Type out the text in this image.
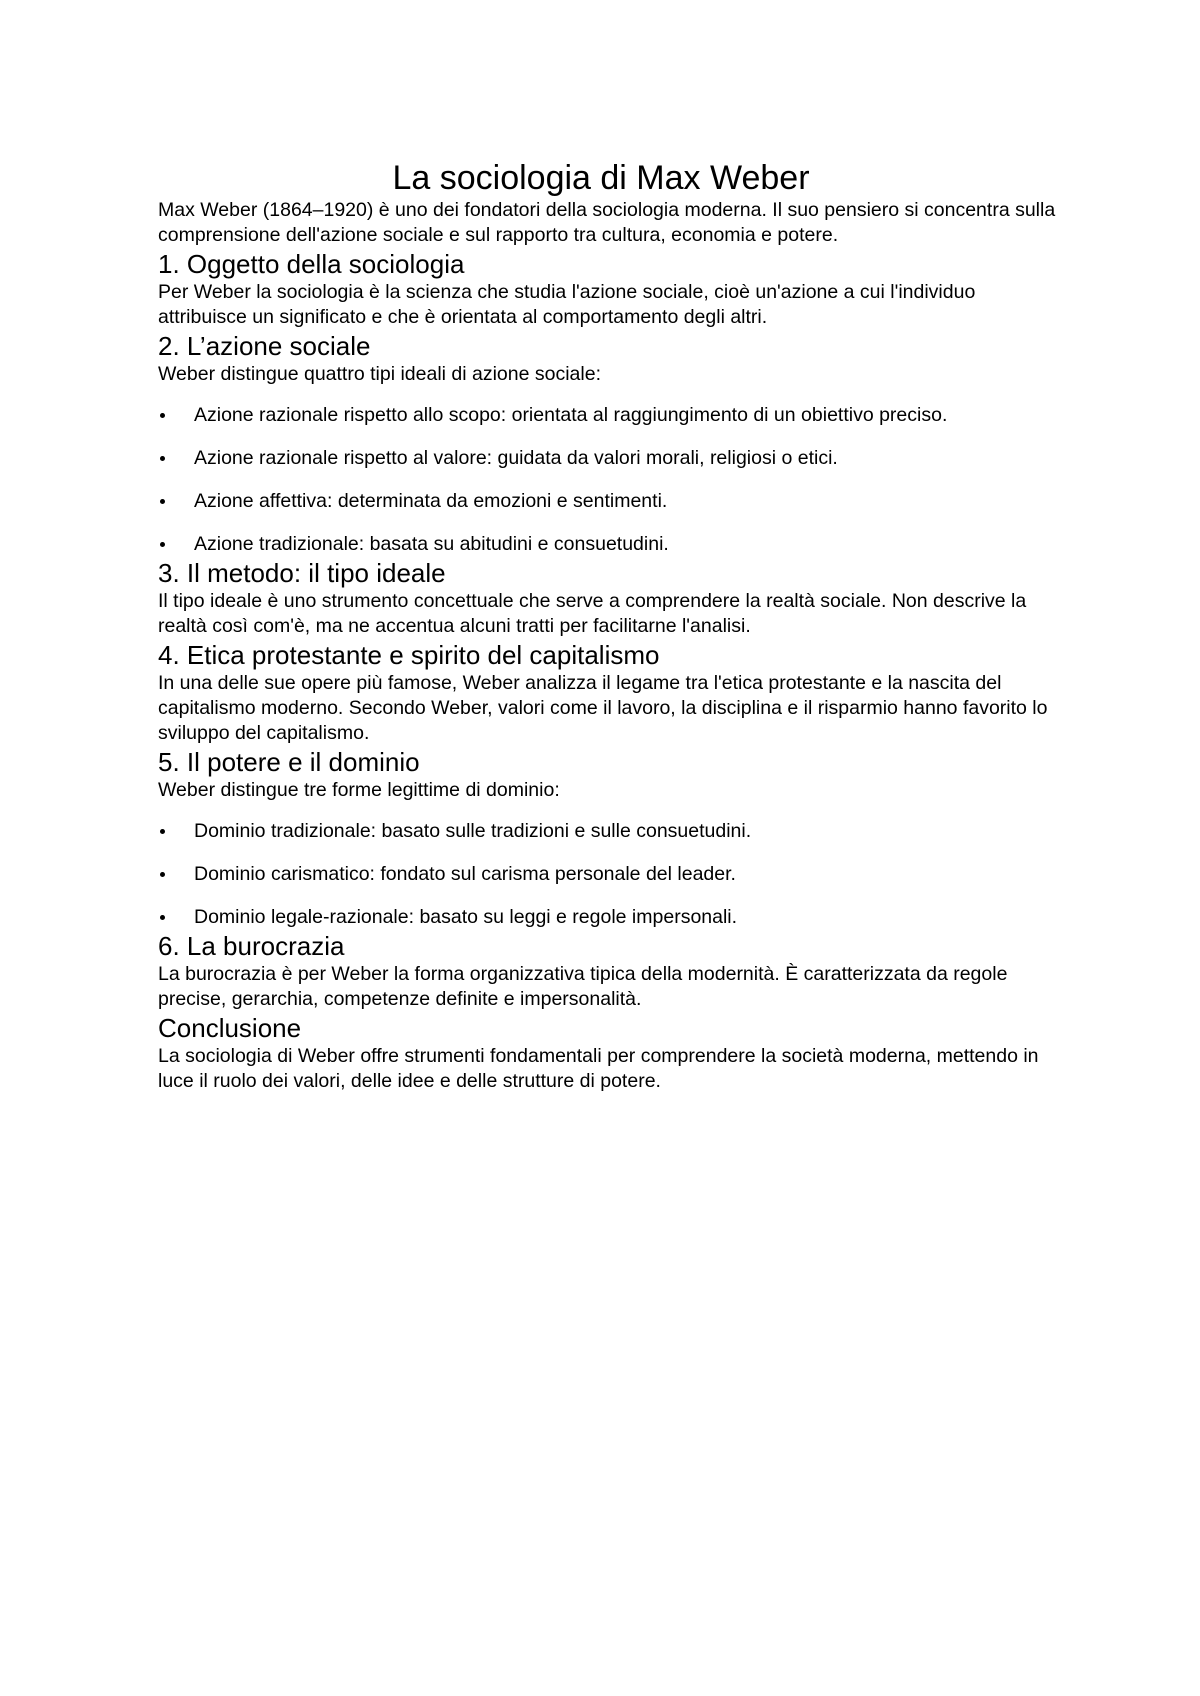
La sociologia di Max Weber

Max Weber (1864–1920) è uno dei fondatori della sociologia moderna. Il suo pensiero si concentra sulla comprensione dell'azione sociale e sul rapporto tra cultura, economia e potere.

1. Oggetto della sociologia

Per Weber la sociologia è la scienza che studia l'azione sociale, cioè un'azione a cui l'individuo attribuisce un significato e che è orientata al comportamento degli altri.

2. L’azione sociale

Weber distingue quattro tipi ideali di azione sociale:

Azione razionale rispetto allo scopo: orientata al raggiungimento di un obiettivo preciso.
Azione razionale rispetto al valore: guidata da valori morali, religiosi o etici.
Azione affettiva: determinata da emozioni e sentimenti.
Azione tradizionale: basata su abitudini e consuetudini.
3. Il metodo: il tipo ideale

Il tipo ideale è uno strumento concettuale che serve a comprendere la realtà sociale. Non descrive la realtà così com'è, ma ne accentua alcuni tratti per facilitarne l'analisi.

4. Etica protestante e spirito del capitalismo

In una delle sue opere più famose, Weber analizza il legame tra l'etica protestante e la nascita del capitalismo moderno. Secondo Weber, valori come il lavoro, la disciplina e il risparmio hanno favorito lo sviluppo del capitalismo.

5. Il potere e il dominio

Weber distingue tre forme legittime di dominio:

Dominio tradizionale: basato sulle tradizioni e sulle consuetudini.
Dominio carismatico: fondato sul carisma personale del leader.
Dominio legale-razionale: basato su leggi e regole impersonali.
6. La burocrazia

La burocrazia è per Weber la forma organizzativa tipica della modernità. È caratterizzata da regole precise, gerarchia, competenze definite e impersonalità.

Conclusione

La sociologia di Weber offre strumenti fondamentali per comprendere la società moderna, mettendo in luce il ruolo dei valori, delle idee e delle strutture di potere.
